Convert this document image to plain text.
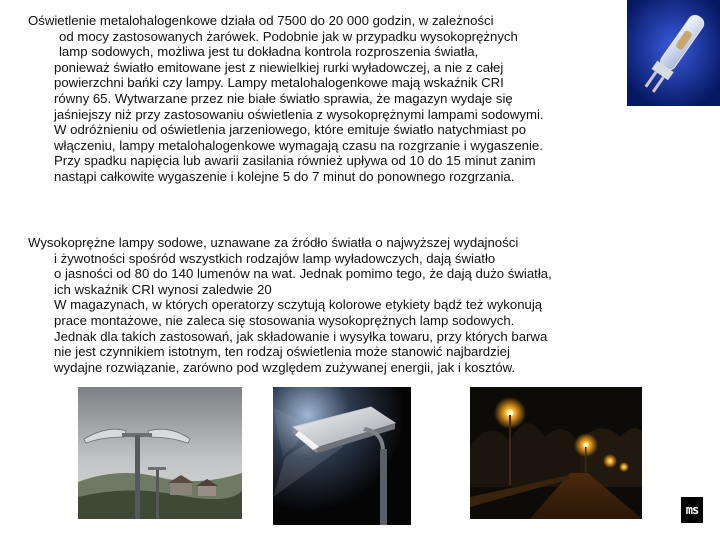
Oświetlenie metalohalogenkowe działa od 7500 do 20 000 godzin, w zależności
od mocy zastosowanych żarówek. Podobnie jak w przypadku wysokoprężnych
lamp sodowych, możliwa jest tu dokładna kontrola rozproszenia światła,
ponieważ światło emitowane jest z niewielkiej rurki wyładowczej, a nie z całej
powierzchni bańki czy lampy. Lampy metalohalogenkowe mają wskaźnik CRI
równy 65. Wytwarzane przez nie białe światło sprawia, że magazyn wydaje się
jaśniejszy niż przy zastosowaniu oświetlenia z wysokoprężnymi lampami sodowymi.
W odróżnieniu od oświetlenia jarzeniowego, które emituje światło natychmiast po
włączeniu, lampy metalohalogenkowe wymagają czasu na rozgrzanie i wygaszenie.
Przy spadku napięcia lub awarii zasilania również upływa od 10 do 15 minut zanim
nastąpi całkowite wygaszenie i kolejne 5 do 7 minut do ponownego rozgrzania.
Wysokoprężne lampy sodowe, uznawane za źródło światła o najwyższej wydajności
i żywotności spośród wszystkich rodzajów lamp wyładowczych, dają światło
o jasności od 80 do 140 lumenów na wat. Jednak pomimo tego, że dają dużo światła,
ich wskaźnik CRI wynosi zaledwie 20
W magazynach, w których operatorzy sczytują kolorowe etykiety bądź też wykonują
prace montażowe, nie zaleca się stosowania wysokoprężnych lamp sodowych.
Jednak dla takich zastosowań, jak składowanie i wysyłka towaru, przy których barwa
nie jest czynnikiem istotnym, ten rodzaj oświetlenia może stanowić najbardziej
wydajne rozwiązanie, zarówno pod względem zużywanej energii, jak i kosztów.
ms
